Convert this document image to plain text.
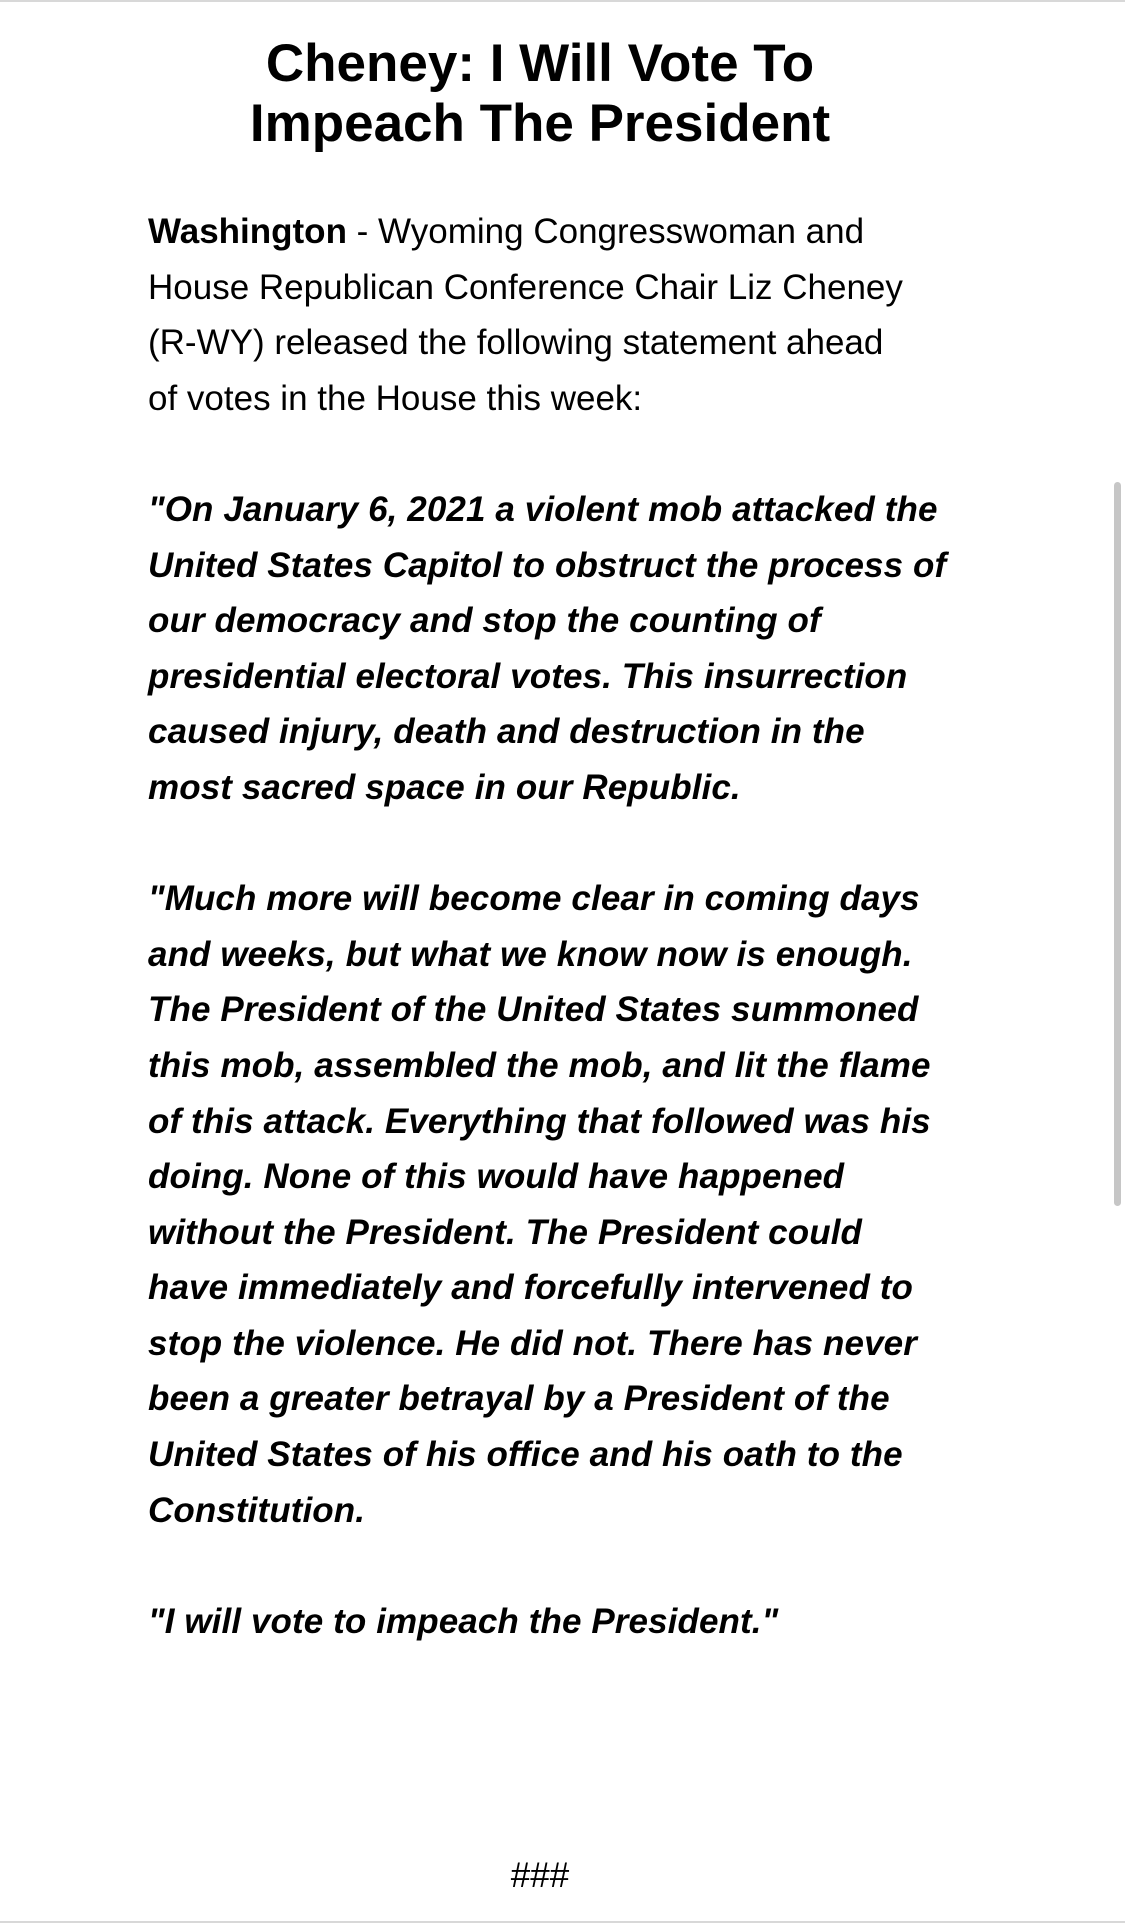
Cheney: I Will Vote To
Impeach The President

Washington - Wyoming Congresswoman and House Republican Conference Chair Liz Cheney (R-WY) released the following statement ahead of votes in the House this week:

"On January 6, 2021 a violent mob attacked the United States Capitol to obstruct the process of our democracy and stop the counting of presidential electoral votes. This insurrection caused injury, death and destruction in the most sacred space in our Republic.

"Much more will become clear in coming days and weeks, but what we know now is enough. The President of the United States summoned this mob, assembled the mob, and lit the flame of this attack. Everything that followed was his doing. None of this would have happened without the President. The President could have immediately and forcefully intervened to stop the violence. He did not. There has never been a greater betrayal by a President of the United States of his office and his oath to the Constitution.

"I will vote to impeach the President."

###
